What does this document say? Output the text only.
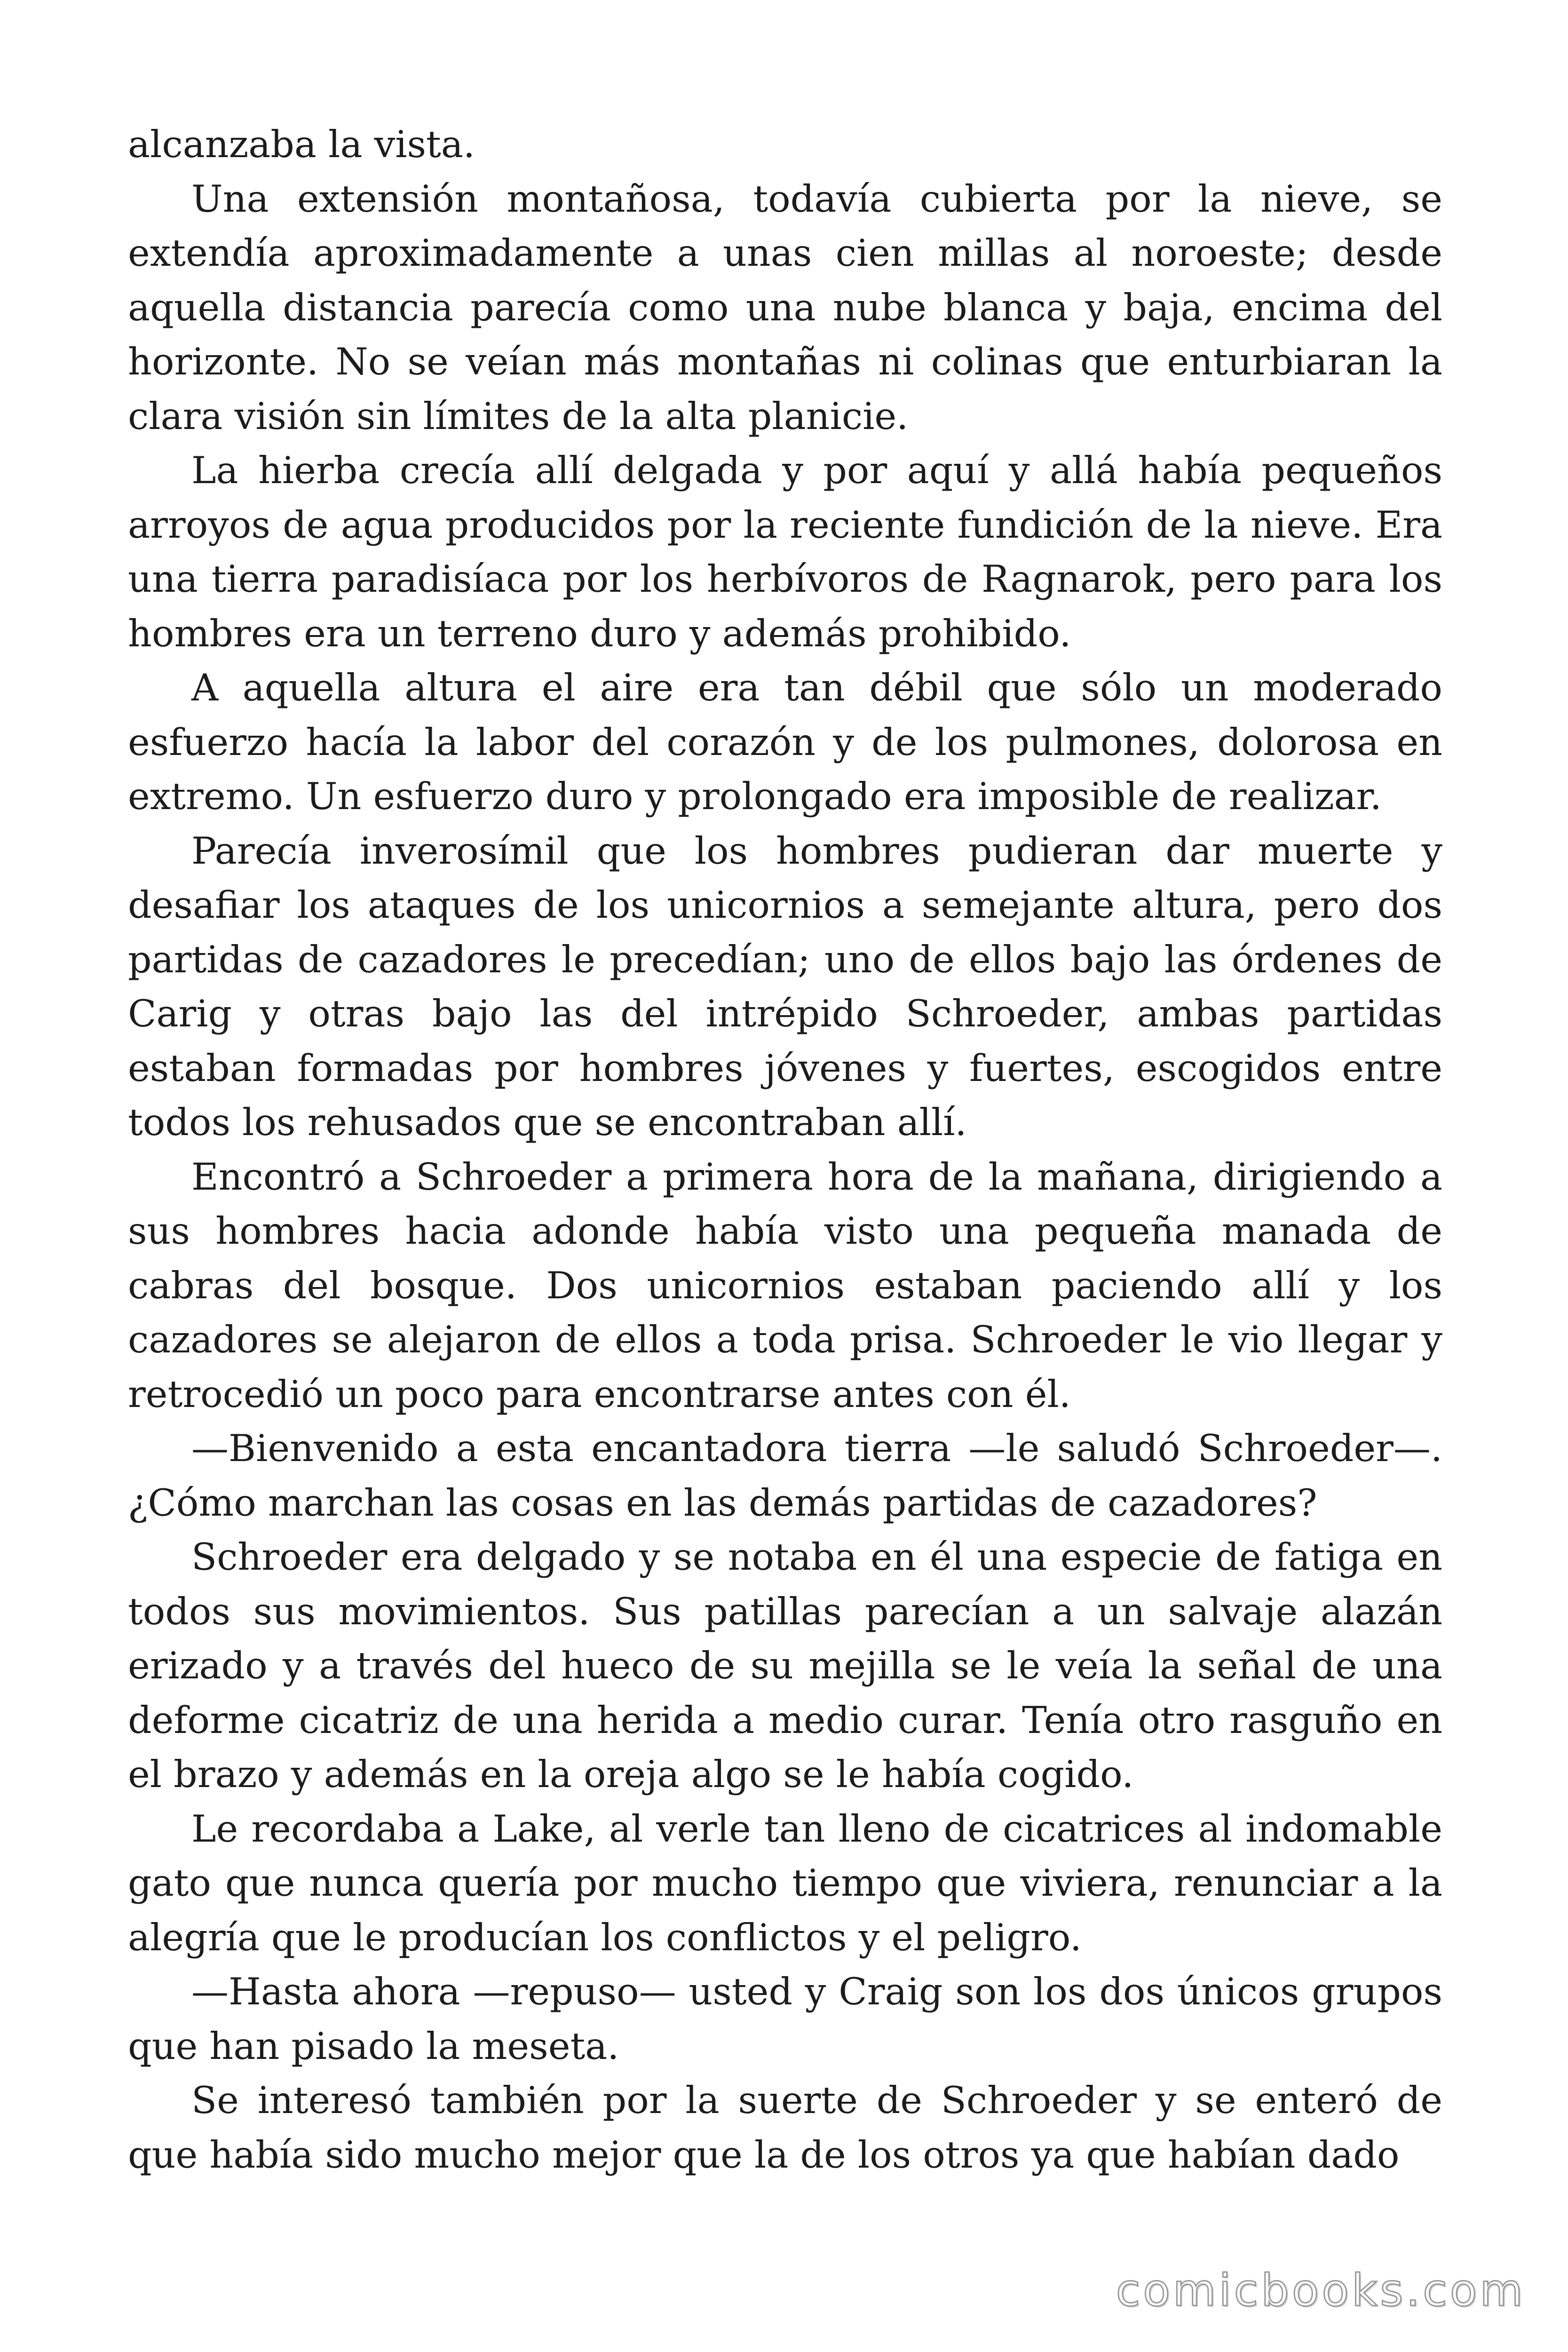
alcanzaba la vista.

Una extensión montañosa, todavía cubierta por la nieve, se extendía aproximadamente a unas cien millas al noroeste; desde aquella distancia parecía como una nube blanca y baja, encima del horizonte. No se veían más montañas ni colinas que enturbiaran la clara visión sin límites de la alta planicie.

La hierba crecía allí delgada y por aquí y allá había pequeños arroyos de agua producidos por la reciente fundición de la nieve. Era una tierra paradisíaca por los herbívoros de Ragnarok, pero para los hombres era un terreno duro y además prohibido.

A aquella altura el aire era tan débil que sólo un moderado esfuerzo hacía la labor del corazón y de los pulmones, dolorosa en extremo. Un esfuerzo duro y prolongado era imposible de realizar.

Parecía inverosímil que los hombres pudieran dar muerte y desafiar los ataques de los unicornios a semejante altura, pero dos partidas de cazadores le precedían; uno de ellos bajo las órdenes de Carig y otras bajo las del intrépido Schroeder, ambas partidas estaban formadas por hombres jóvenes y fuertes, escogidos entre todos los rehusados que se encontraban allí.

Encontró a Schroeder a primera hora de la mañana, dirigiendo a sus hombres hacia adonde había visto una pequeña manada de cabras del bosque. Dos unicornios estaban paciendo allí y los cazadores se alejaron de ellos a toda prisa. Schroeder le vio llegar y retrocedió un poco para encontrarse antes con él.

—Bienvenido a esta encantadora tierra —le saludó Schroeder—. ¿Cómo marchan las cosas en las demás partidas de cazadores?

Schroeder era delgado y se notaba en él una especie de fatiga en todos sus movimientos. Sus patillas parecían a un salvaje alazán erizado y a través del hueco de su mejilla se le veía la señal de una deforme cicatriz de una herida a medio curar. Tenía otro rasguño en el brazo y además en la oreja algo se le había cogido.

Le recordaba a Lake, al verle tan lleno de cicatrices al indomable gato que nunca quería por mucho tiempo que viviera, renunciar a la alegría que le producían los conflictos y el peligro.

—Hasta ahora —repuso— usted y Craig son los dos únicos grupos que han pisado la meseta.

Se interesó también por la suerte de Schroeder y se enteró de que había sido mucho mejor que la de los otros ya que habían dado

comicbooks.com
